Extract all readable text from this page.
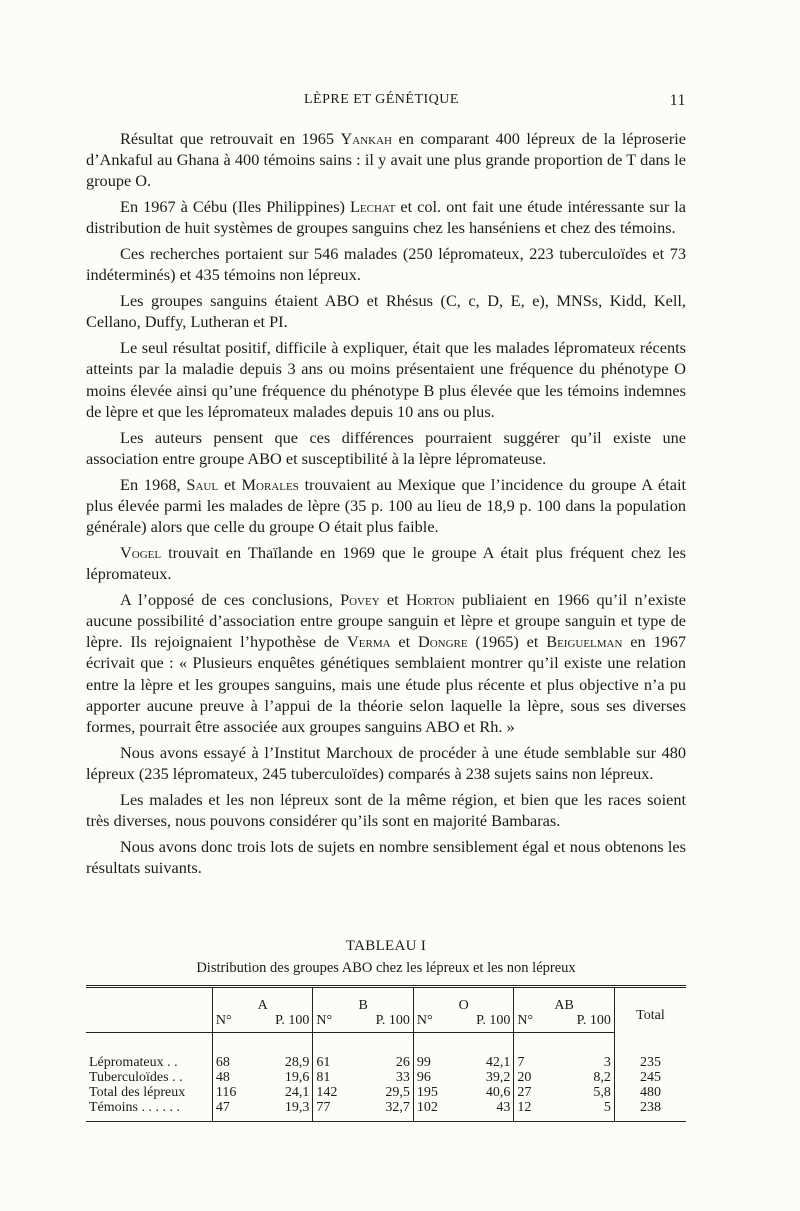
LÈPRE ET GÉNÉTIQUE	11

Résultat que retrouvait en 1965 Yankah en comparant 400 lépreux de la léproserie d’Ankaful au Ghana à 400 témoins sains : il y avait une plus grande proportion de T dans le groupe O.

En 1967 à Cébu (Iles Philippines) Lechat et col. ont fait une étude intéressante sur la distribution de huit systèmes de groupes sanguins chez les hanséniens et chez des témoins.

Ces recherches portaient sur 546 malades (250 lépromateux, 223 tuberculoïdes et 73 indéterminés) et 435 témoins non lépreux.

Les groupes sanguins étaient ABO et Rhésus (C, c, D, E, e), MNSs, Kidd, Kell, Cellano, Duffy, Lutheran et PI.

Le seul résultat positif, difficile à expliquer, était que les malades lépromateux récents atteints par la maladie depuis 3 ans ou moins présentaient une fréquence du phénotype O moins élevée ainsi qu’une fréquence du phénotype B plus élevée que les témoins indemnes de lèpre et que les lépromateux malades depuis 10 ans ou plus.

Les auteurs pensent que ces différences pourraient suggérer qu’il existe une association entre groupe ABO et susceptibilité à la lèpre lépromateuse.

En 1968, Saul et Morales trouvaient au Mexique que l’incidence du groupe A était plus élevée parmi les malades de lèpre (35 p. 100 au lieu de 18,9 p. 100 dans la population générale) alors que celle du groupe O était plus faible.

Vogel trouvait en Thaïlande en 1969 que le groupe A était plus fréquent chez les lépromateux.

A l’opposé de ces conclusions, Povey et Horton publiaient en 1966 qu’il n’existe aucune possibilité d’association entre groupe sanguin et lèpre et groupe sanguin et type de lèpre. Ils rejoignaient l’hypothèse de Verma et Dongre (1965) et Beiguelman en 1967 écrivait que : « Plusieurs enquêtes génétiques semblaient montrer qu’il existe une relation entre la lèpre et les groupes sanguins, mais une étude plus récente et plus objective n’a pu apporter aucune preuve à l’appui de la théorie selon laquelle la lèpre, sous ses diverses formes, pourrait être associée aux groupes sanguins ABO et Rh. »

Nous avons essayé à l’Institut Marchoux de procéder à une étude semblable sur 480 lépreux (235 lépromateux, 245 tuberculoïdes) comparés à 238 sujets sains non lépreux.

Les malades et les non lépreux sont de la même région, et bien que les races soient très diverses, nous pouvons considérer qu’ils sont en majorité Bambaras.

Nous avons donc trois lots de sujets en nombre sensiblement égal et nous obtenons les résultats suivants.

TABLEAU I
Distribution des groupes ABO chez les lépreux et les non lépreux
	A		B		O		AB		Total
	N°	P. 100	N°	P. 100	N°	P. 100	N°	P. 100	
Lépromateux . .	68	28,9	61	26	99	42,1	7	3	235
Tuberculoïdes . .	48	19,6	81	33	96	39,2	20	8,2	245
Total des lépreux	116	24,1	142	29,5	195	40,6	27	5,8	480
Témoins . . . . . .	47	19,3	77	32,7	102	43	12	5	238
